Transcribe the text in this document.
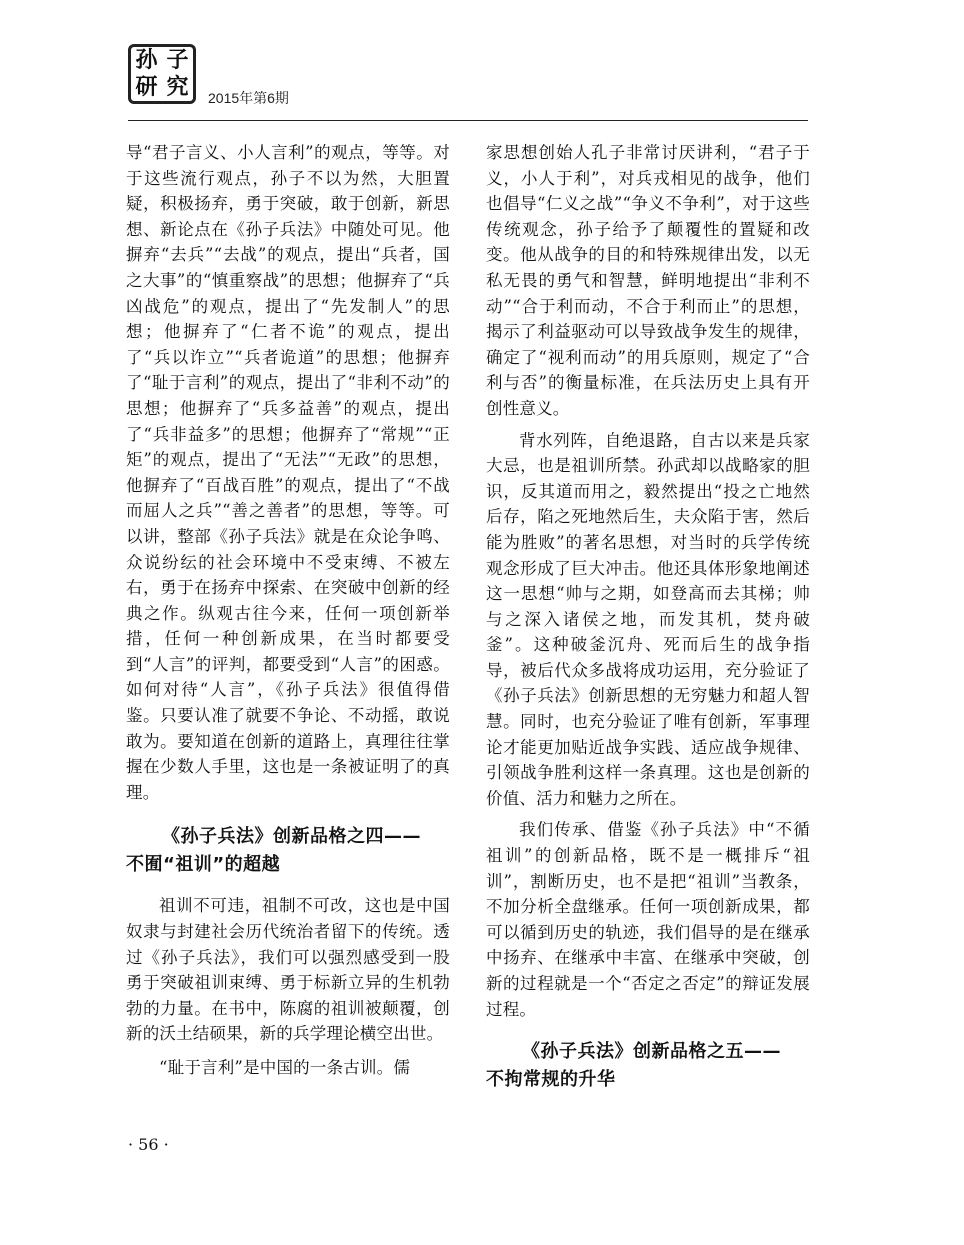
孙 子
研 究	2015年第6期

导“君子言义、小人言利”的观点，等等。对于这些流行观点，孙子不以为然，大胆置疑，积极扬弃，勇于突破，敢于创新，新思想、新论点在《孙子兵法》中随处可见。他摒弃“去兵”“去战”的观点，提出“兵者，国之大事”的“慎重察战”的思想；他摒弃了“兵凶战危”的观点，提出了“先发制人”的思想；他摒弃了“仁者不诡”的观点，提出了“兵以诈立”“兵者诡道”的思想；他摒弃了“耻于言利”的观点，提出了“非利不动”的思想；他摒弃了“兵多益善”的观点，提出了“兵非益多”的思想；他摒弃了“常规”“正矩”的观点，提出了“无法”“无政”的思想，他摒弃了“百战百胜”的观点，提出了“不战而屈人之兵”“善之善者”的思想，等等。可以讲，整部《孙子兵法》就是在众论争鸣、众说纷纭的社会环境中不受束缚、不被左右，勇于在扬弃中探索、在突破中创新的经典之作。纵观古往今来，任何一项创新举措，任何一种创新成果，在当时都要受到“人言”的评判，都要受到“人言”的困惑。如何对待“人言”，《孙子兵法》很值得借鉴。只要认准了就要不争论、不动摇，敢说敢为。要知道在创新的道路上，真理往往掌握在少数人手里，这也是一条被证明了的真理。

《孙子兵法》创新品格之四——
不囿“祖训”的超越

祖训不可违，祖制不可改，这也是中国奴隶与封建社会历代统治者留下的传统。透过《孙子兵法》，我们可以强烈感受到一股勇于突破祖训束缚、勇于标新立异的生机勃勃的力量。在书中，陈腐的祖训被颠覆，创新的沃土结硕果，新的兵学理论横空出世。

“耻于言利”是中国的一条古训。儒

家思想创始人孔子非常讨厌讲利，“君子于义，小人于利”，对兵戎相见的战争，他们也倡导“仁义之战”“争义不争利”，对于这些传统观念，孙子给予了颠覆性的置疑和改变。他从战争的目的和特殊规律出发，以无私无畏的勇气和智慧，鲜明地提出“非利不动”“合于利而动，不合于利而止”的思想，揭示了利益驱动可以导致战争发生的规律，确定了“视利而动”的用兵原则，规定了“合利与否”的衡量标准，在兵法历史上具有开创性意义。

背水列阵，自绝退路，自古以来是兵家大忌，也是祖训所禁。孙武却以战略家的胆识，反其道而用之，毅然提出“投之亡地然后存，陷之死地然后生，夫众陷于害，然后能为胜败”的著名思想，对当时的兵学传统观念形成了巨大冲击。他还具体形象地阐述这一思想“帅与之期，如登高而去其梯；帅与之深入诸侯之地，而发其机，焚舟破釜”。这种破釜沉舟、死而后生的战争指导，被后代众多战将成功运用，充分验证了《孙子兵法》创新思想的无穷魅力和超人智慧。同时，也充分验证了唯有创新，军事理论才能更加贴近战争实践、适应战争规律、引领战争胜利这样一条真理。这也是创新的价值、活力和魅力之所在。

我们传承、借鉴《孙子兵法》中“不循祖训”的创新品格，既不是一概排斥“祖训”，割断历史，也不是把“祖训”当教条，不加分析全盘继承。任何一项创新成果，都可以循到历史的轨迹，我们倡导的是在继承中扬弃、在继承中丰富、在继承中突破，创新的过程就是一个“否定之否定”的辩证发展过程。

《孙子兵法》创新品格之五——
不拘常规的升华
· 56 ·
